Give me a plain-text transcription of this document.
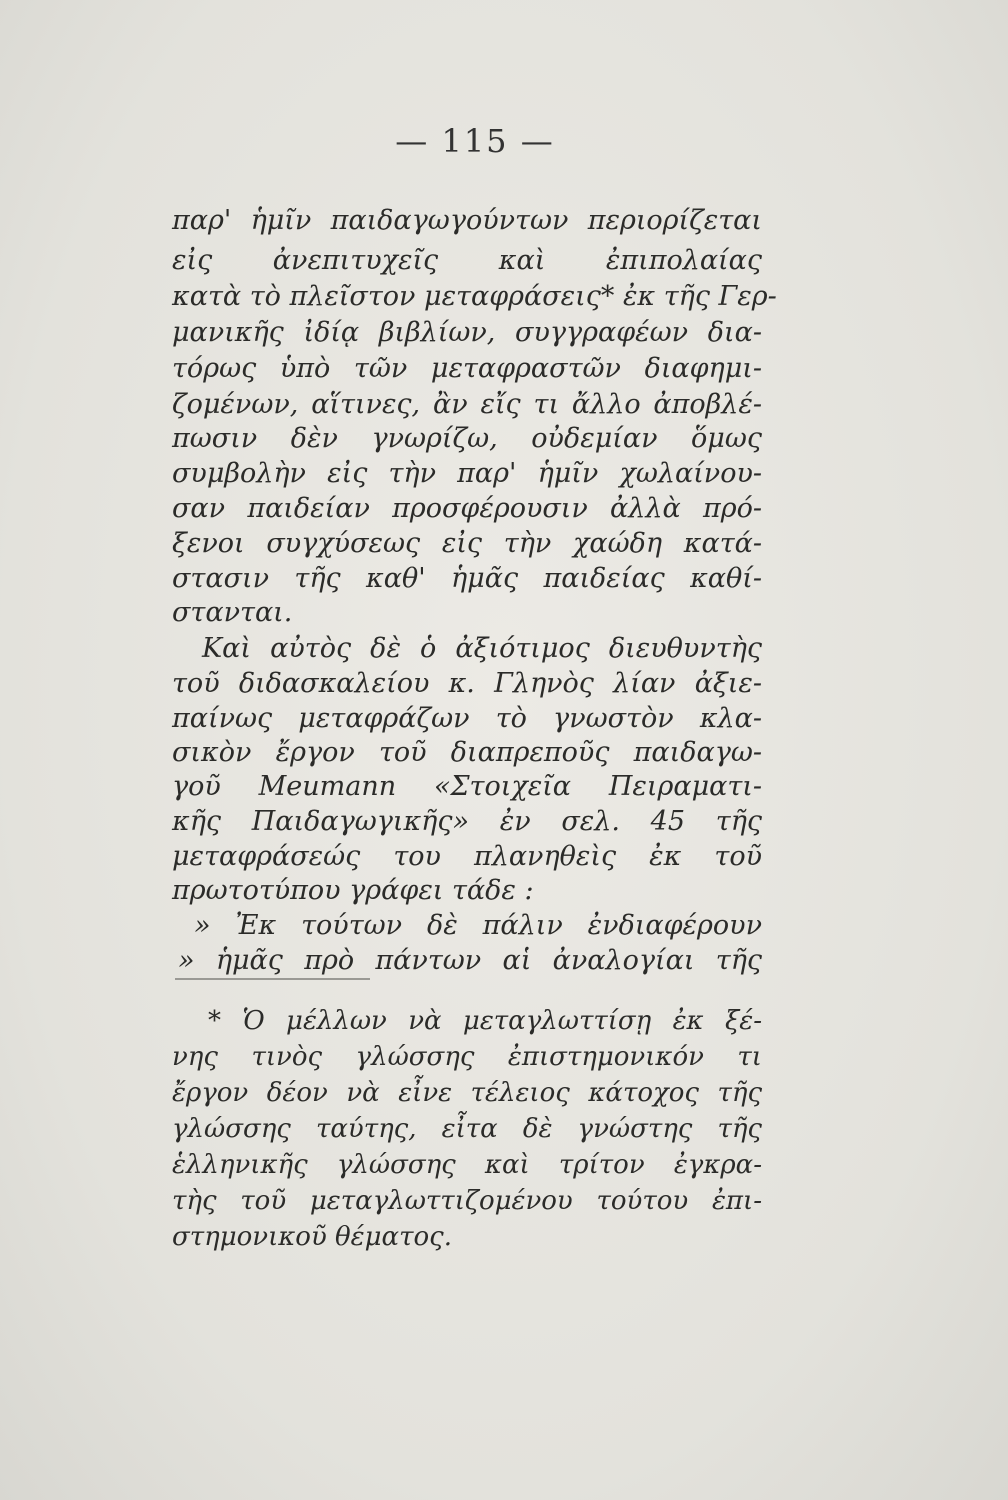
— 115 —
παρ' ἡμῖν παιδαγωγούντων περιορίζεται
εἰς ἀνεπιτυχεῖς καὶ ἐπιπολαίας
κατὰ τὸ πλεῖστον μεταφράσεις* ἐκ τῆς Γερ-
μανικῆς ἰδίᾳ βιβλίων, συγγραφέων δια-
τόρως ὑπὸ τῶν μεταφραστῶν διαφημι-
ζομένων, αἵτινες, ἂν εἴς τι ἄλλο ἀποβλέ-
πωσιν δὲν γνωρίζω, οὐδεμίαν ὅμως
συμβολὴν εἰς τὴν παρ' ἡμῖν χωλαίνου-
σαν παιδείαν προσφέρουσιν ἀλλὰ πρό-
ξενοι συγχύσεως εἰς τὴν χαώδη κατά-
στασιν τῆς καθ' ἡμᾶς παιδείας καθί-
στανται.
Καὶ αὐτὸς δὲ ὁ ἀξιότιμος διευθυντὴς
τοῦ διδασκαλείου κ. Γληνὸς λίαν ἀξιε-
παίνως μεταφράζων τὸ γνωστὸν κλα-
σικὸν ἔργον τοῦ διαπρεποῦς παιδαγω-
γοῦ Meumann «Στοιχεῖα Πειραματι-
κῆς Παιδαγωγικῆς» ἐν σελ. 45 τῆς
μεταφράσεώς του πλανηθεὶς ἐκ τοῦ
πρωτοτύπου γράφει τάδε :
» Ἐκ τούτων δὲ πάλιν ἐνδιαφέρουν
» ἡμᾶς πρὸ πάντων αἱ ἀναλογίαι τῆς
* Ὁ μέλλων νὰ μεταγλωττίσῃ ἐκ ξέ-
νης τινὸς γλώσσης ἐπιστημονικόν τι
ἔργον δέον νὰ εἶνε τέλειος κάτοχος τῆς
γλώσσης ταύτης, εἶτα δὲ γνώστης τῆς
ἑλληνικῆς γλώσσης καὶ τρίτον ἐγκρα-
τὴς τοῦ μεταγλωττιζομένου τούτου ἐπι-
στημονικοῦ θέματος.
